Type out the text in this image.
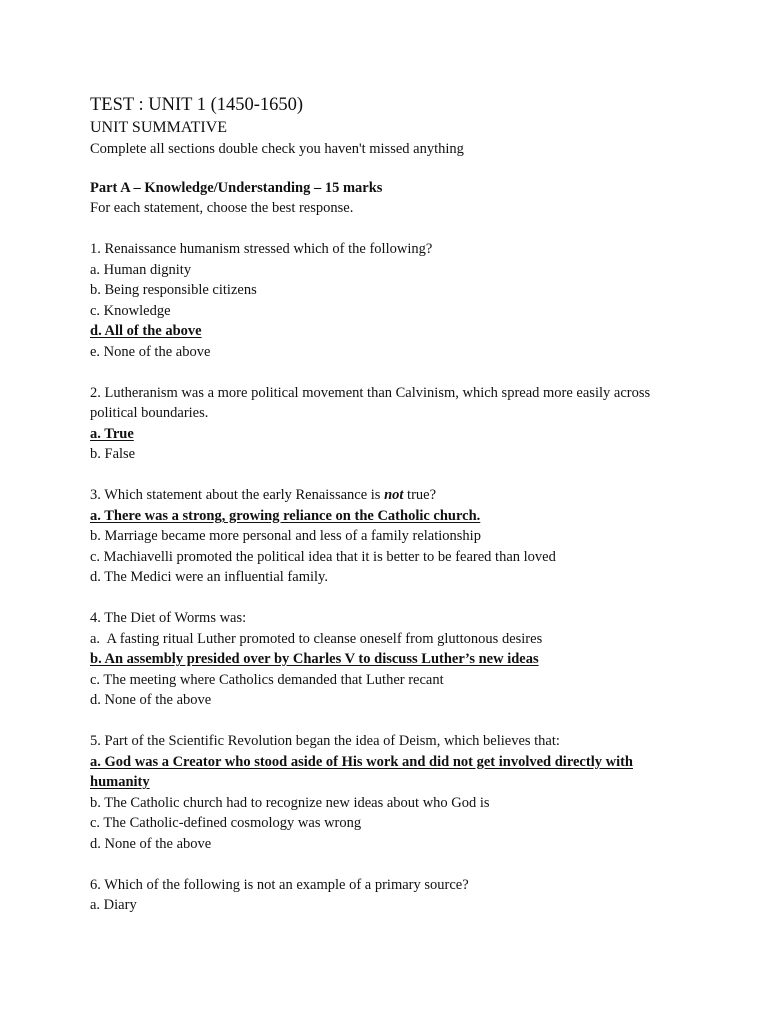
TEST : UNIT 1 (1450-1650)

UNIT SUMMATIVE

Complete all sections double check you haven't missed anything

Part A – Knowledge/Understanding – 15 marks

For each statement, choose the best response.

1. Renaissance humanism stressed which of the following?

a. Human dignity

b. Being responsible citizens

c. Knowledge

d. All of the above

e. None of the above

2. Lutheranism was a more political movement than Calvinism, which spread more easily across political boundaries.

a. True

b. False

3. Which statement about the early Renaissance is not true?

a. There was a strong, growing reliance on the Catholic church.

b. Marriage became more personal and less of a family relationship

c. Machiavelli promoted the political idea that it is better to be feared than loved

d. The Medici were an influential family.

4. The Diet of Worms was:

a.  A fasting ritual Luther promoted to cleanse oneself from gluttonous desires

b. An assembly presided over by Charles V to discuss Luther’s new ideas

c. The meeting where Catholics demanded that Luther recant

d. None of the above

5. Part of the Scientific Revolution began the idea of Deism, which believes that:

a. God was a Creator who stood aside of His work and did not get involved directly with humanity

b. The Catholic church had to recognize new ideas about who God is

c. The Catholic-defined cosmology was wrong

d. None of the above

6. Which of the following is not an example of a primary source?

a. Diary
